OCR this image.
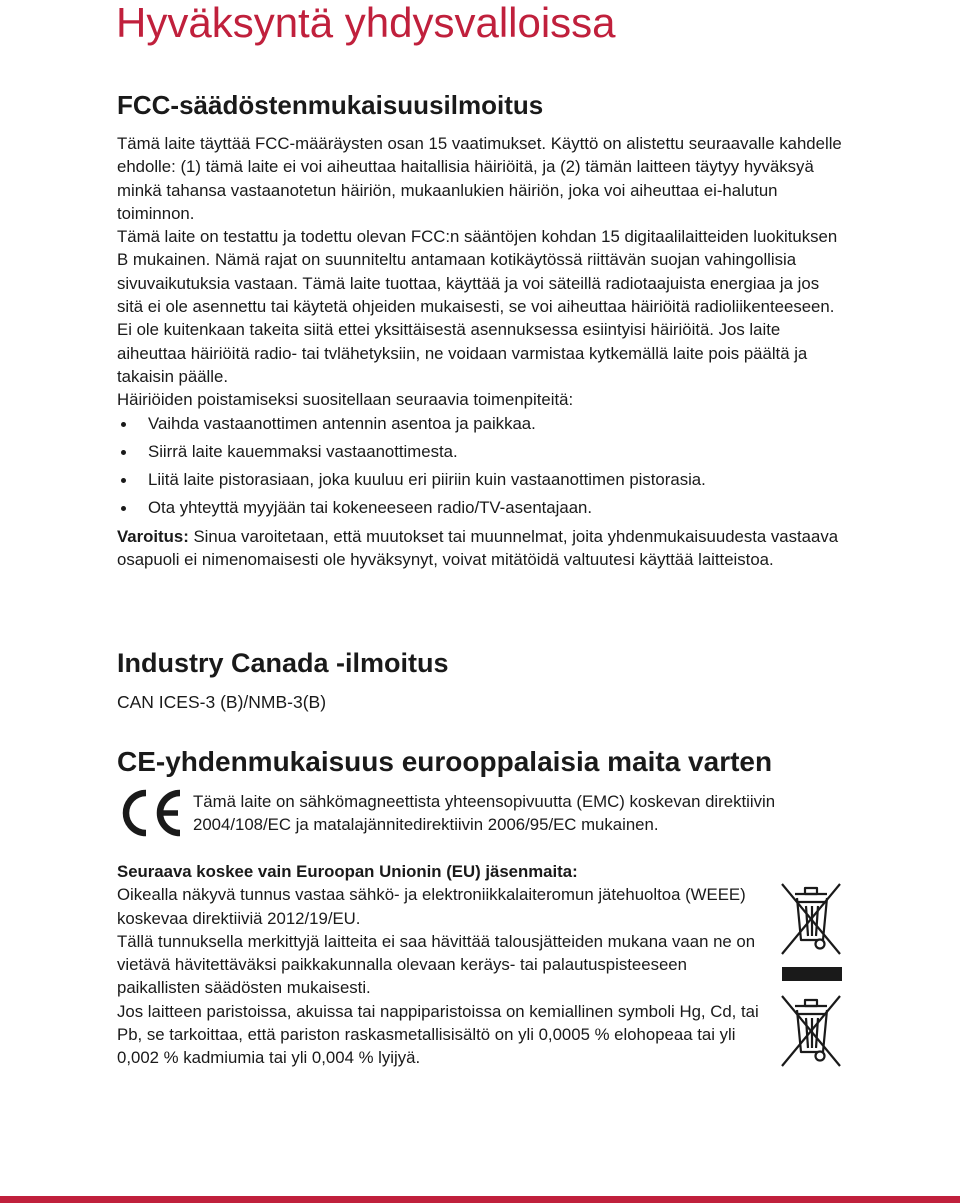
Hyväksyntä yhdysvalloissa
FCC-säädöstenmukaisuusilmoitus

Tämä laite täyttää FCC-määräysten osan 15 vaatimukset. Käyttö on alistettu seuraavalle kahdelle ehdolle: (1) tämä laite ei voi aiheuttaa haitallisia häiriöitä, ja (2) tämän laitteen täytyy hyväksyä minkä tahansa vastaanotetun häiriön, mukaanlukien häiriön, joka voi aiheuttaa ei-halutun toiminnon.

Tämä laite on testattu ja todettu olevan FCC:n sääntöjen kohdan 15 digitaalilaitteiden luokituksen B mukainen. Nämä rajat on suunniteltu antamaan kotikäytössä riittävän suojan vahingollisia sivuvaikutuksia vastaan. Tämä laite tuottaa, käyttää ja voi säteillä radiotaajuista energiaa ja jos sitä ei ole asennettu tai käytetä ohjeiden mukaisesti, se voi aiheuttaa häiriöitä radioliikenteeseen. Ei ole kuitenkaan takeita siitä ettei yksittäisestä asennuksessa esiintyisi häiriöitä. Jos laite aiheuttaa häiriöitä radio- tai tvlähetyksiin, ne voidaan varmistaa kytkemällä laite pois päältä ja takaisin päälle.

Häiriöiden poistamiseksi suositellaan seuraavia toimenpiteitä:

Vaihda vastaanottimen antennin asentoa ja paikkaa.
Siirrä laite kauemmaksi vastaanottimesta.
Liitä laite pistorasiaan, joka kuuluu eri piiriin kuin vastaanottimen pistorasia.
Ota yhteyttä myyjään tai kokeneeseen radio/TV-asentajaan.

Varoitus: Sinua varoitetaan, että muutokset tai muunnelmat, joita yhdenmukaisuudesta vastaava osapuoli ei nimenomaisesti ole hyväksynyt, voivat mitätöidä valtuutesi käyttää laitteistoa.

Industry Canada -ilmoitus
CAN ICES-3 (B)/NMB-3(B)
CE-yhdenmukaisuus eurooppalaisia maita varten
Tämä laite on sähkömagneettista yhteensopivuutta (EMC) koskevan direktiivin 2004/108/EC ja matalajännitedirektiivin 2006/95/EC mukainen.

Seuraava koskee vain Euroopan Unionin (EU) jäsenmaita:

Oikealla näkyvä tunnus vastaa sähkö- ja elektroniikkalaiteromun jätehuoltoa (WEEE) koskevaa direktiiviä 2012/19/EU.

Tällä tunnuksella merkittyjä laitteita ei saa hävittää talousjätteiden mukana vaan ne on vietävä hävitettäväksi paikkakunnalla olevaan keräys- tai palautuspisteeseen paikallisten säädösten mukaisesti.

Jos laitteen paristoissa, akuissa tai nappiparistoissa on kemiallinen symboli Hg, Cd, tai Pb, se tarkoittaa, että pariston raskasmetallisisältö on yli 0,0005 % elohopeaa tai yli 0,002 % kadmiumia tai yli 0,004 % lyijyä.
